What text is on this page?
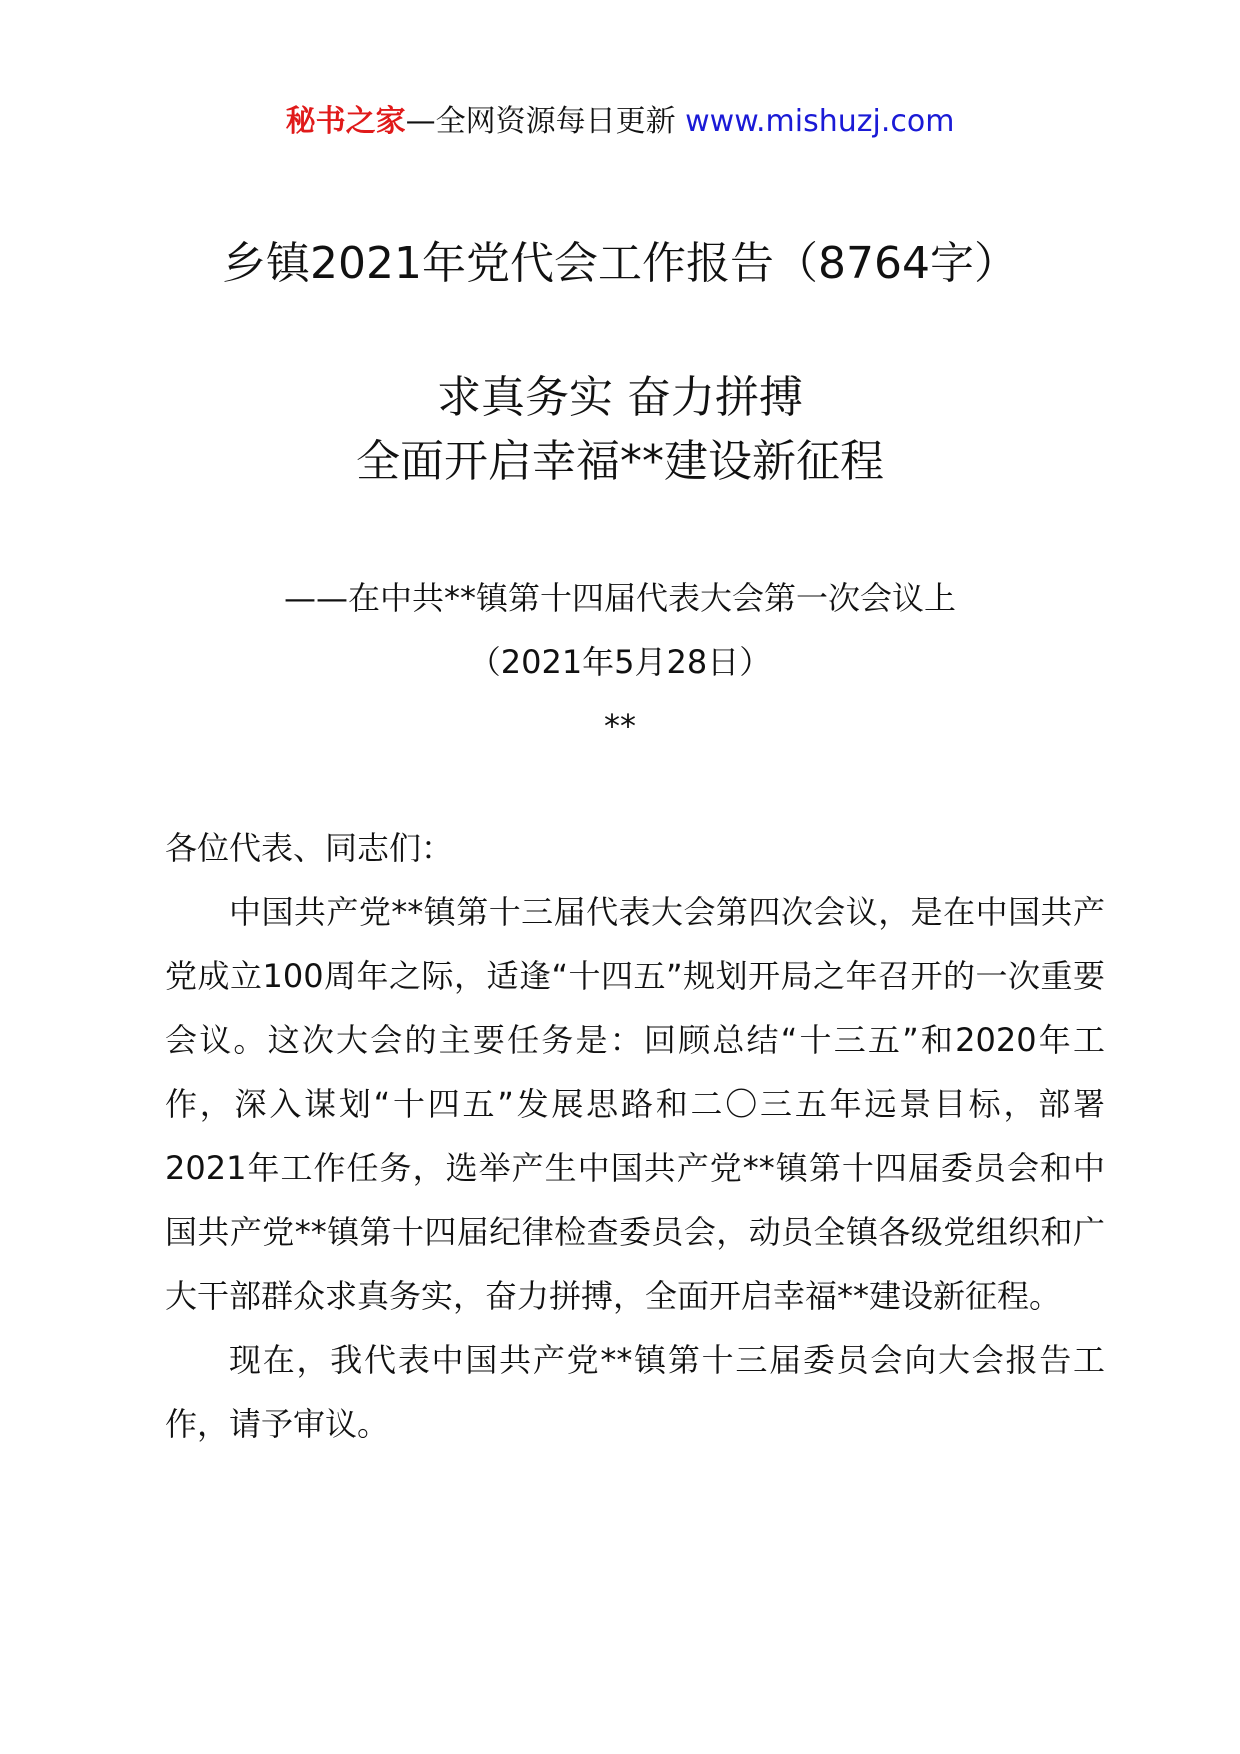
秘书之家—全网资源每日更新 www.mishuzj.com
乡镇2021年党代会工作报告（8764字）
求真务实 奋力拼搏
全面开启幸福**建设新征程
——在中共**镇第十四届代表大会第一次会议上
（2021年5月28日）
**

各位代表、同志们：

中国共产党**镇第十三届代表大会第四次会议，是在中国共产党成立100周年之际，适逢“十四五”规划开局之年召开的一次重要会议。这次大会的主要任务是：回顾总结“十三五”和2020年工作，深入谋划“十四五”发展思路和二〇三五年远景目标，部署2021年工作任务，选举产生中国共产党**镇第十四届委员会和中国共产党**镇第十四届纪律检查委员会，动员全镇各级党组织和广大干部群众求真务实，奋力拼搏，全面开启幸福**建设新征程。

现在，我代表中国共产党**镇第十三届委员会向大会报告工作，请予审议。
